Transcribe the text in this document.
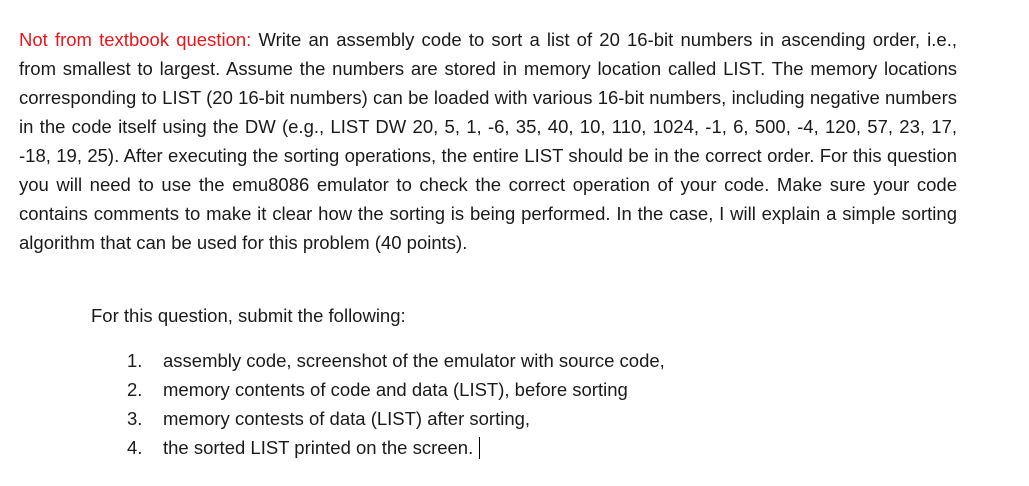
Not from textbook question: Write an assembly code to sort a list of 20 16-bit numbers in ascending order, i.e., from smallest to largest. Assume the numbers are stored in memory location called LIST. The memory locations corresponding to LIST (20 16-bit numbers) can be loaded with various 16-bit numbers, including negative numbers in the code itself using the DW (e.g., LIST DW 20, 5, 1, -6, 35, 40, 10, 110, 1024, -1, 6, 500, -4, 120, 57, 23, 17, -18, 19, 25). After executing the sorting operations, the entire LIST should be in the correct order. For this question you will need to use the emu8086 emulator to check the correct operation of your code. Make sure your code contains comments to make it clear how the sorting is being performed. In the case, I will explain a simple sorting algorithm that can be used for this problem (40 points).

For this question, submit the following:
1.	assembly code, screenshot of the emulator with source code,
2.	memory contents of code and data (LIST), before sorting
3.	memory contests of data (LIST) after sorting,
4.	the sorted LIST printed on the screen.
